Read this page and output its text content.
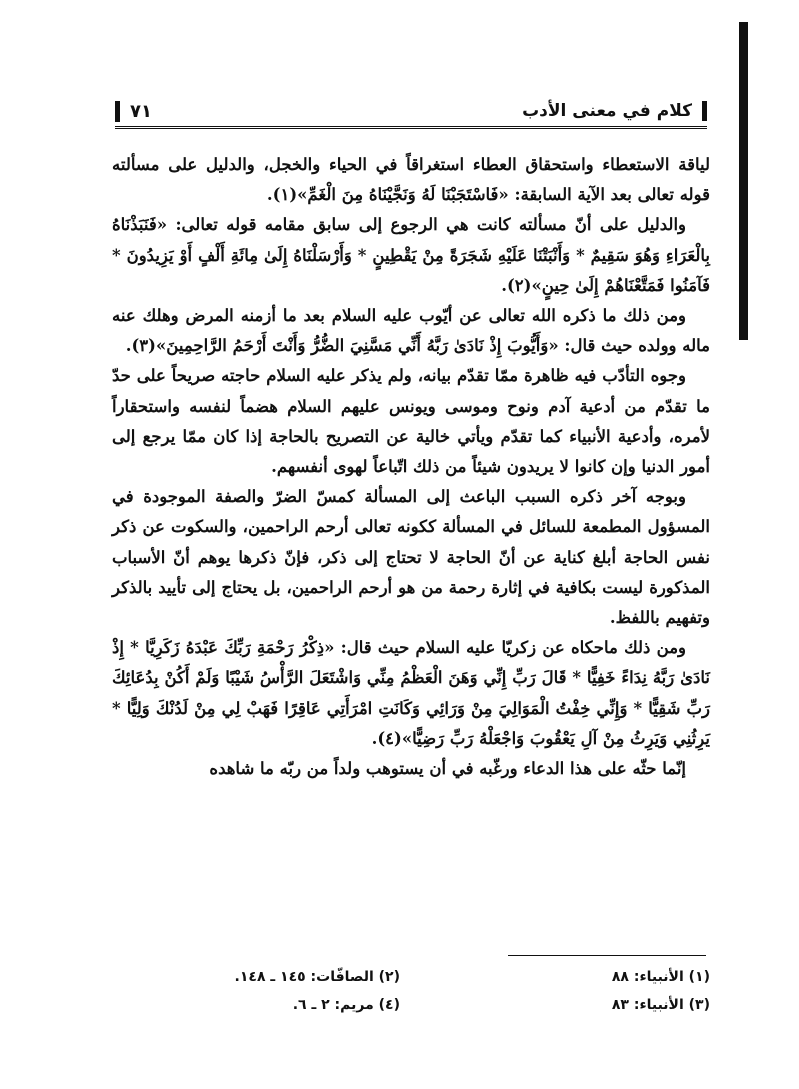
كلام في معنى الأدب
٧١

لياقة الاستعطاء واستحقاق العطاء استغراقاً في الحياء والخجل، والدليل على مسألته قوله تعالى بعد الآية السابقة: «فَاسْتَجَبْنَا لَهُ وَنَجَّيْنَاهُ مِنَ الْغَمِّ»(١).

والدليل على أنّ مسألته كانت هي الرجوع إلى سابق مقامه قوله تعالى: «فَنَبَذْنَاهُ بِالْعَرَاءِ وَهُوَ سَقِيمٌ * وَأَنْبَتْنَا عَلَيْهِ شَجَرَةً مِنْ يَقْطِينٍ * وَأَرْسَلْنَاهُ إِلَىٰ مِائَةِ أَلْفٍ أَوْ يَزِيدُونَ * فَآمَنُوا فَمَتَّعْنَاهُمْ إِلَىٰ حِينٍ»(٢).

ومن ذلك ما ذكره الله تعالى عن أيّوب عليه السلام بعد ما أزمنه المرض وهلك عنه ماله وولده حيث قال: «وَأَيُّوبَ إِذْ نَادَىٰ رَبَّهُ أَنِّي مَسَّنِيَ الضُّرُّ وَأَنْتَ أَرْحَمُ الرَّاحِمِينَ»(٣).

وجوه التأدّب فيه ظاهرة ممّا تقدّم بيانه، ولم يذكر عليه السلام حاجته صريحاً على حدّ ما تقدّم من أدعية آدم ونوح وموسى ويونس عليهم السلام هضماً لنفسه واستحقاراً لأمره، وأدعية الأنبياء كما تقدّم ويأتي خالية عن التصريح بالحاجة إذا كان ممّا يرجع إلى أمور الدنيا وإن كانوا لا يريدون شيئاً من ذلك اتّباعاً لهوى أنفسهم.

وبوجه آخر ذكره السبب الباعث إلى المسألة كمسّ الضرّ والصفة الموجودة في المسؤول المطمعة للسائل في المسألة ككونه تعالى أرحم الراحمين، والسكوت عن ذكر نفس الحاجة أبلغ كناية عن أنّ الحاجة لا تحتاج إلى ذكر، فإنّ ذكرها يوهم أنّ الأسباب المذكورة ليست بكافية في إثارة رحمة من هو أرحم الراحمين، بل يحتاج إلى تأييد بالذكر وتفهيم باللفظ.

ومن ذلك ماحكاه عن زكريّا عليه السلام حيث قال: «ذِكْرُ رَحْمَةِ رَبِّكَ عَبْدَهُ زَكَرِيَّا * إِذْ نَادَىٰ رَبَّهُ نِدَاءً خَفِيًّا * قَالَ رَبِّ إِنِّي وَهَنَ الْعَظْمُ مِنِّي وَاشْتَعَلَ الرَّأْسُ شَيْبًا وَلَمْ أَكُنْ بِدُعَائِكَ رَبِّ شَقِيًّا * وَإِنِّي خِفْتُ الْمَوَالِيَ مِنْ وَرَائِي وَكَانَتِ امْرَأَتِي عَاقِرًا فَهَبْ لِي مِنْ لَدُنْكَ وَلِيًّا * يَرِثُنِي وَيَرِثُ مِنْ آلِ يَعْقُوبَ وَاجْعَلْهُ رَبِّ رَضِيًّا»(٤).

إنّما حثّه على هذا الدعاء ورغّبه في أن يستوهب ولداً من ربّه ما شاهده

(١) الأنبياء: ٨٨
(٢) الصافّات: ١٤٥ ـ ١٤٨.
(٣) الأنبياء: ٨٣
(٤) مريم: ٢ ـ ٦.
